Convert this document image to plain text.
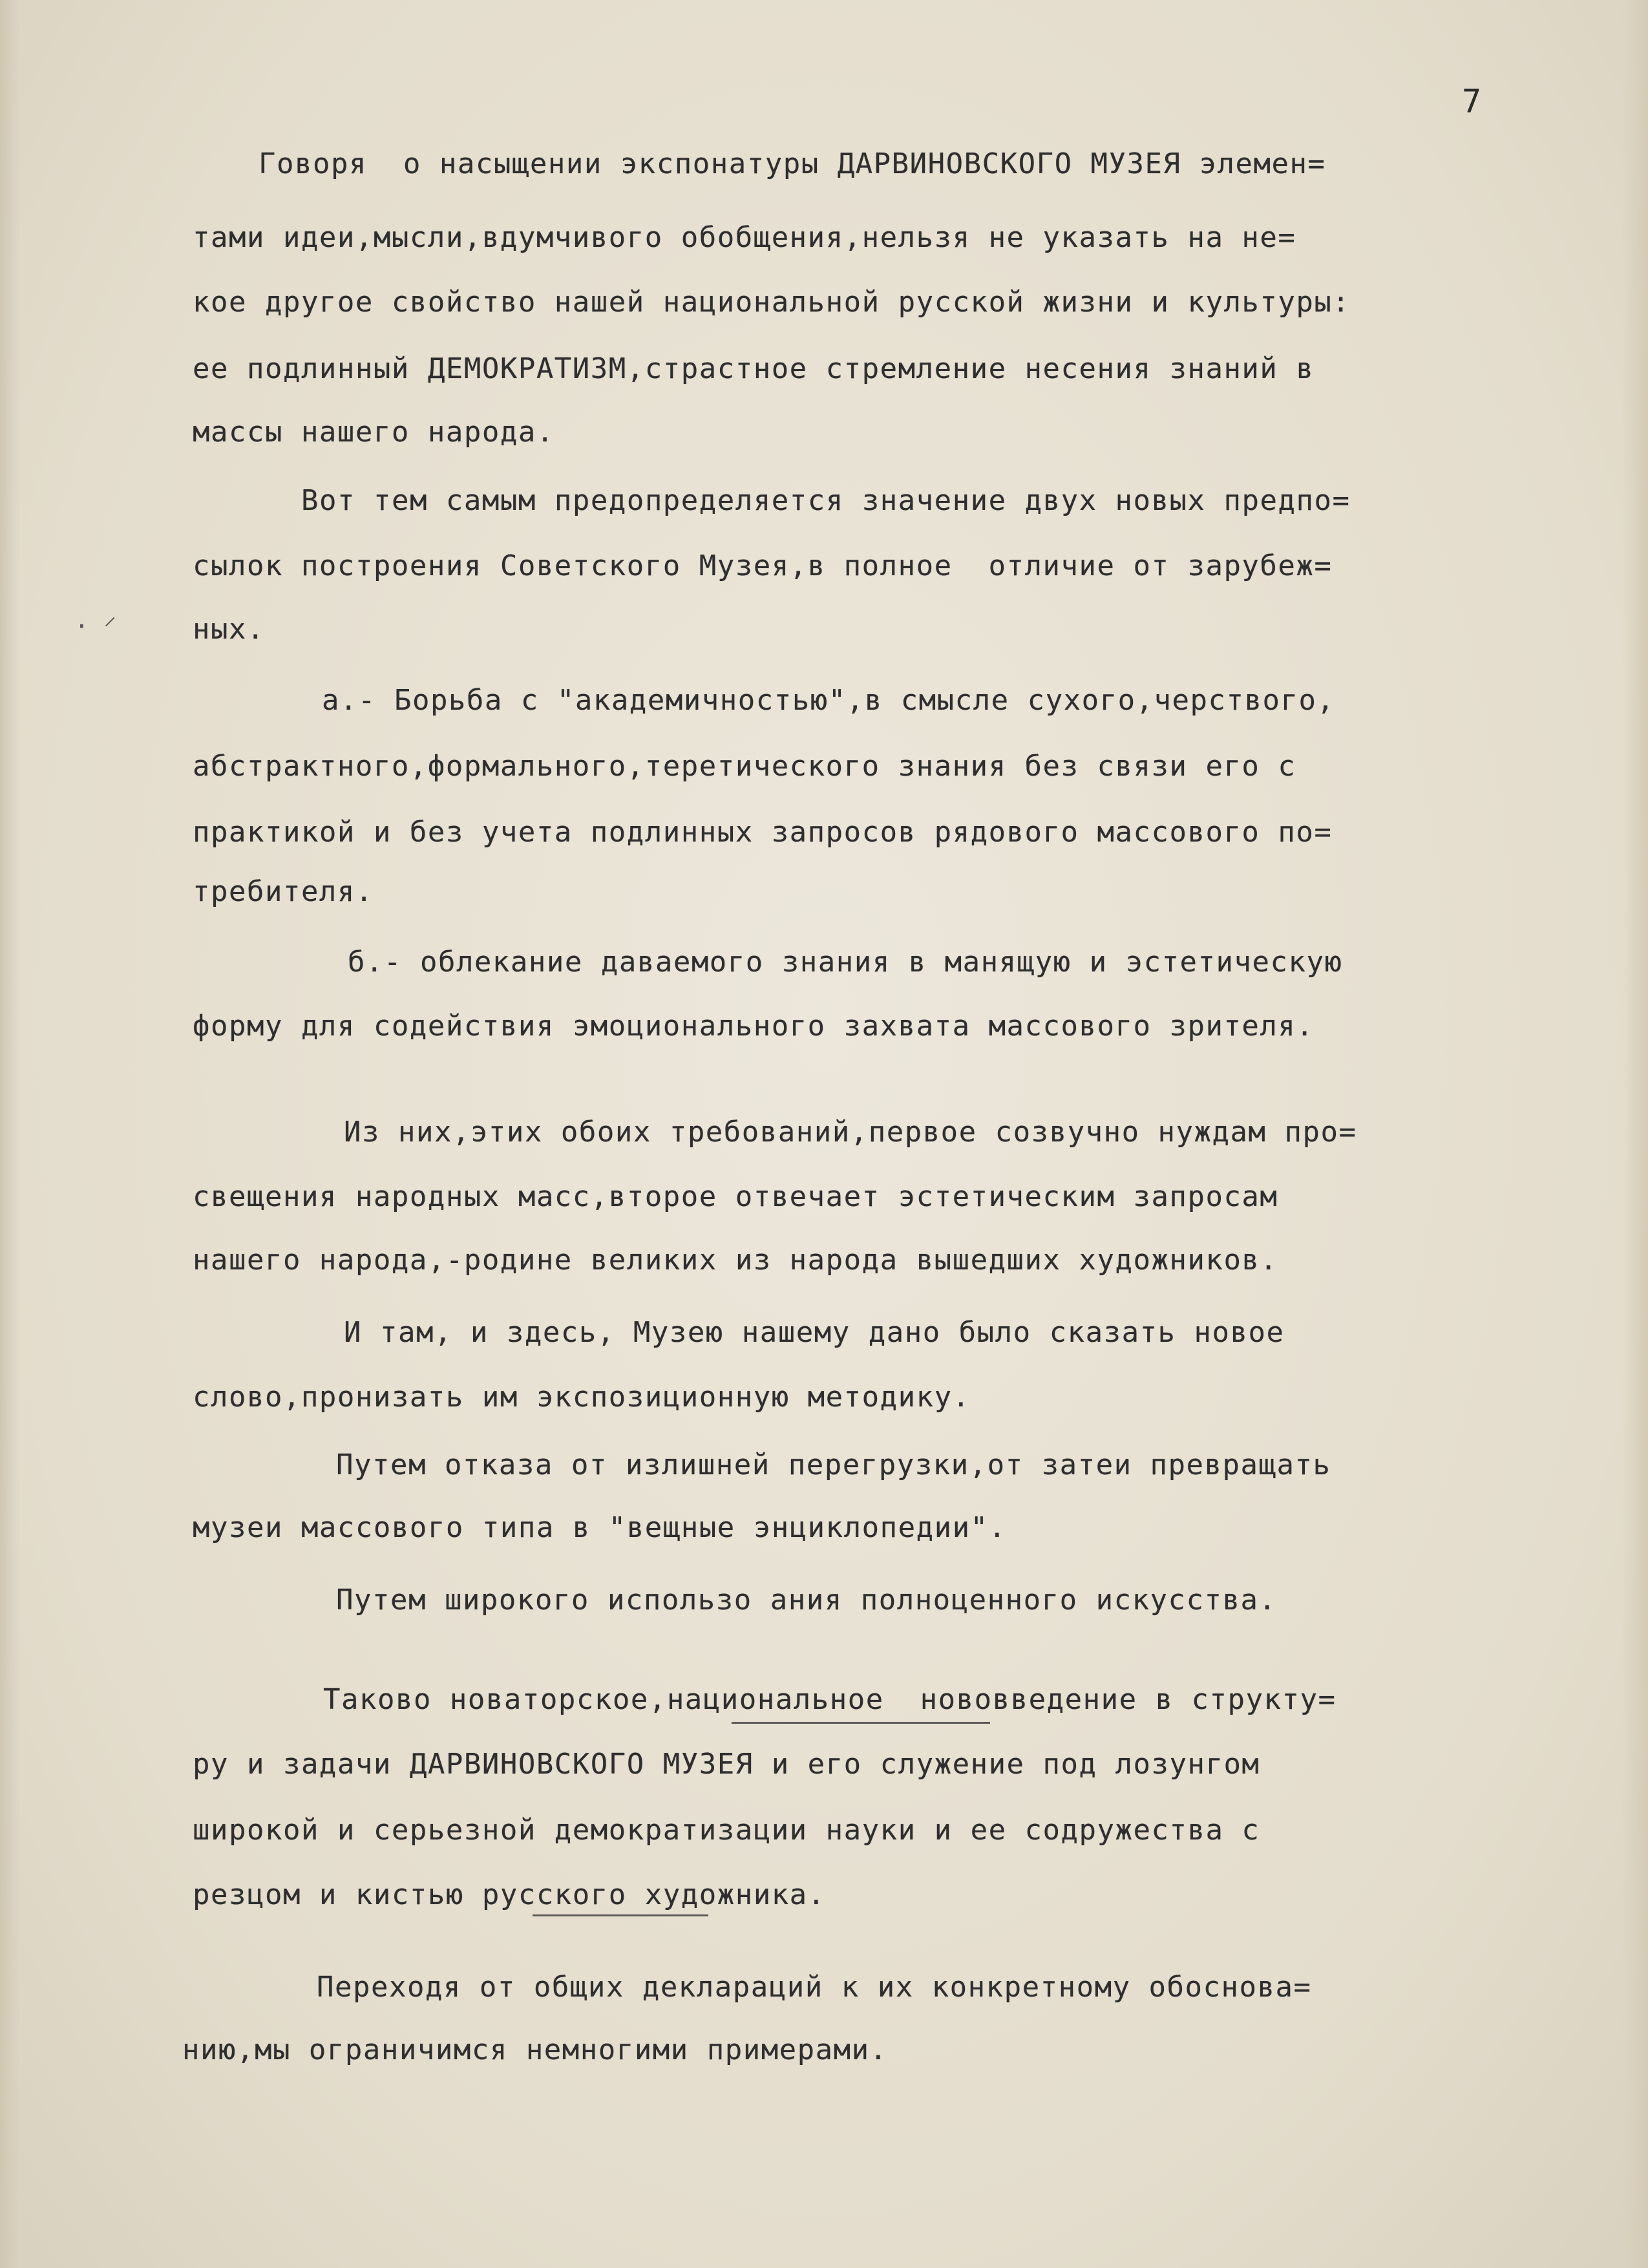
7
· ⸍
Говоря  о насыщении экспонатуры ДАРВИНОВСКОГО МУЗЕЯ элемен=
тами идеи,мысли,вдумчивого обобщения,нельзя не указать на не=
кое другое свойство нашей национальной русской жизни и культуры:
ее подлинный ДЕМОКРАТИЗМ,страстное стремление несения знаний в
массы нашего народа.
Вот тем самым предопределяется значение двух новых предпо=
сылок построения Советского Музея,в полное  отличие от зарубеж=
ных.
а.- Борьба с "академичностью",в смысле сухого,черствого,
абстрактного,формального,теретического знания без связи его с
практикой и без учета подлинных запросов рядового массового по=
требителя.
б.- облекание даваемого знания в манящую и эстетическую
форму для содействия эмоционального захвата массового зрителя.
Из них,этих обоих требований,первое созвучно нуждам про=
свещения народных масс,второе отвечает эстетическим запросам
нашего народа,-родине великих из народа вышедших художников.
И там, и здесь, Музею нашему дано было сказать новое
слово,пронизать им экспозиционную методику.
Путем отказа от излишней перегрузки,от затеи превращать
музеи массового типа в "вещные энциклопедии".
Путем широкого использо ания полноценного искусства.
Таково новаторское,национальное  нововведение в структу=
ру и задачи ДАРВИНОВСКОГО МУЗЕЯ и его служение под лозунгом
широкой и серьезной демократизации науки и ее содружества с
резцом и кистью русского художника.
Переходя от общих деклараций к их конкретному обоснова=
нию,мы ограничимся немногими примерами.
